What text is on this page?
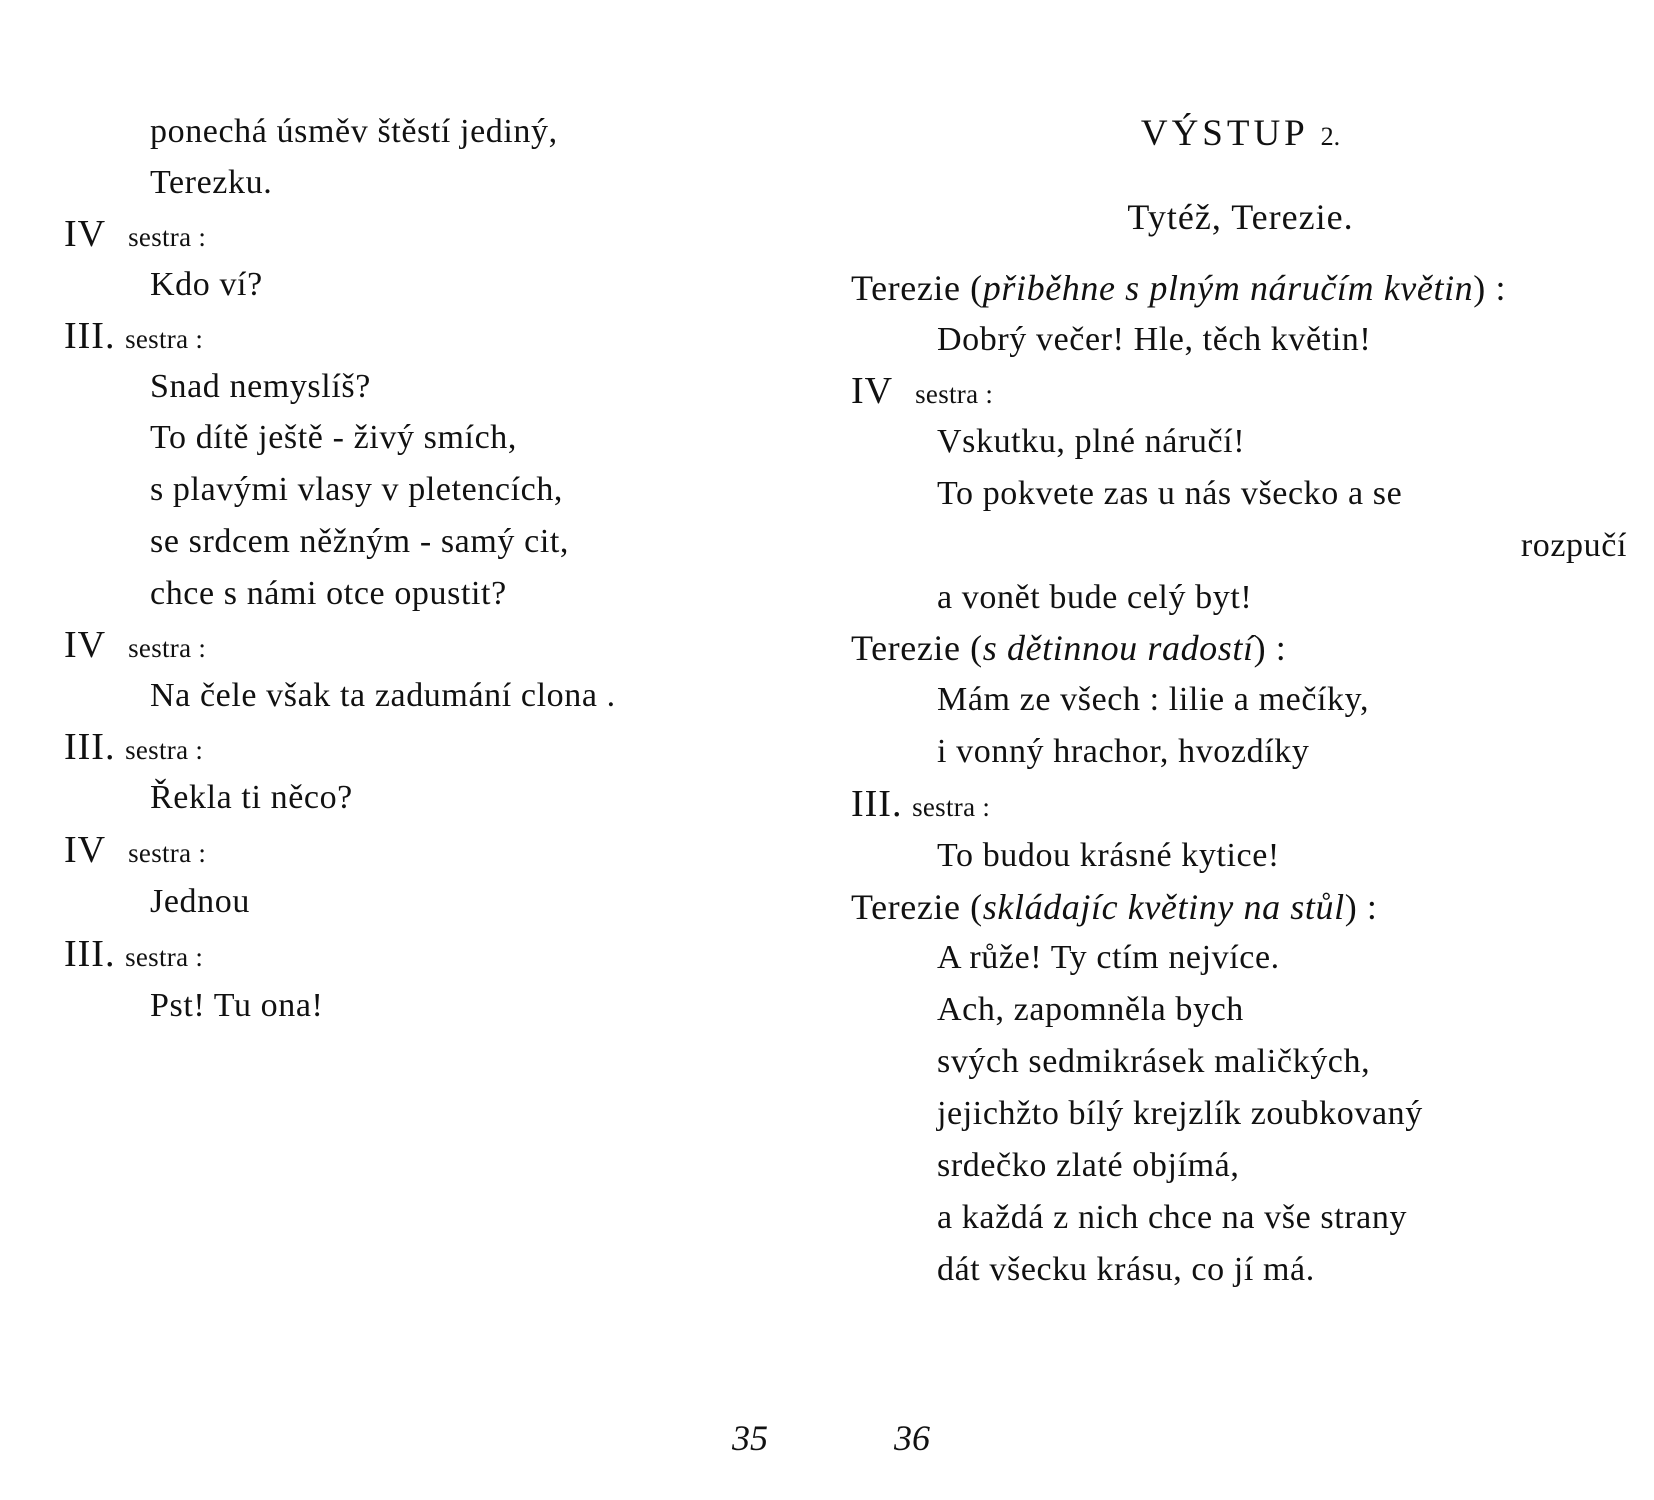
ponechá úsměv štěstí jediný,
Terezku.
IV sestra :
Kdo ví?
III. sestra :
Snad nemyslíš?
To dítě ještě - živý smích,
s plavými vlasy v pletencích,
se srdcem něžným - samý cit,
chce s námi otce opustit?
IV sestra :
Na čele však ta zadumání clona .
III. sestra :
Řekla ti něco?
IV sestra :
Jednou
III. sestra :
Pst! Tu ona!
35
VÝSTUP 2.
Tytéž, Terezie.
Terezie (přiběhne s plným náručím květin) :
Dobrý večer! Hle, těch květin!
IV sestra :
Vskutku, plné náručí!
To pokvete zas u nás všecko a se
rozpučí
a vonět bude celý byt!
Terezie (s dětinnou radostí) :
Mám ze všech : lilie a mečíky,
i vonný hrachor, hvozdíky
III. sestra :
To budou krásné kytice!
Terezie (skládajíc květiny na stůl) :
A růže! Ty ctím nejvíce.
Ach, zapomněla bych
svých sedmikrásek maličkých,
jejichžto bílý krejzlík zoubkovaný
srdečko zlaté objímá,
a každá z nich chce na vše strany
dát všecku krásu, co jí má.
36
